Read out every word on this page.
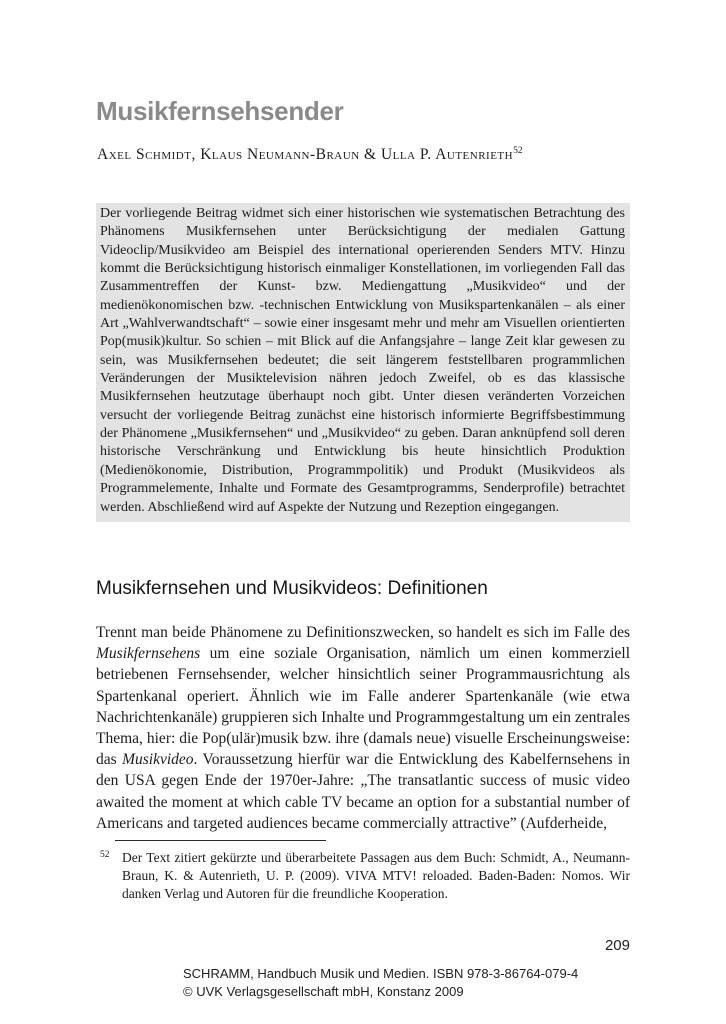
Musikfernsehsender
Axel Schmidt, Klaus Neumann-Braun & Ulla P. Autenrieth$^{52}$

Der vorliegende Beitrag widmet sich einer historischen wie systematischen Betrachtung des Phänomens Musikfernsehen unter Berücksichtigung der medialen Gattung Videoclip/Musikvideo am Beispiel des international operierenden Senders MTV. Hinzu kommt die Berücksichtigung historisch einmaliger Konstellationen, im vorliegenden Fall das Zusammentreffen der Kunst- bzw. Mediengattung „Musikvideo“ und der medienökonomischen bzw. -technischen Entwicklung von Musikspartenkanälen – als einer Art „Wahlverwandtschaft“ – sowie einer insgesamt mehr und mehr am Visuellen orientierten Pop(musik)kultur. So schien – mit Blick auf die Anfangsjahre – lange Zeit klar gewesen zu sein, was Musikfernsehen bedeutet; die seit längerem feststellbaren programmlichen Veränderungen der Musiktelevision nähren jedoch Zweifel, ob es das klassische Musikfernsehen heutzutage überhaupt noch gibt. Unter diesen veränderten Vorzeichen versucht der vorliegende Beitrag zunächst eine historisch informierte Begriffsbestimmung der Phänomene „Musikfernsehen“ und „Musikvideo“ zu geben. Daran anknüpfend soll deren historische Verschränkung und Entwicklung bis heute hinsichtlich Produktion (Medienökonomie, Distribution, Programmpolitik) und Produkt (Musikvideos als Programmelemente, Inhalte und Formate des Gesamtprogramms, Senderprofile) betrachtet werden. Abschließend wird auf Aspekte der Nutzung und Rezeption eingegangen.

Musikfernsehen und Musikvideos: Definitionen

Trennt man beide Phänomene zu Definitionszwecken, so handelt es sich im Falle des Musikfernsehens um eine soziale Organisation, nämlich um einen kommerziell betriebenen Fernsehsender, welcher hinsichtlich seiner Programmausrichtung als Spartenkanal operiert. Ähnlich wie im Falle anderer Spartenkanäle (wie etwa Nachrichtenkanäle) gruppieren sich Inhalte und Programmgestaltung um ein zentrales Thema, hier: die Pop(ulär)musik bzw. ihre (damals neue) visuelle Erscheinungsweise: das Musikvideo. Voraussetzung hierfür war die Entwicklung des Kabelfernsehens in den USA gegen Ende der 1970er-Jahre: „The transatlantic success of music video awaited the moment at which cable TV became an option for a substantial number of Americans and targeted audiences became commercially attractive” (Aufderheide,

52 Der Text zitiert gekürzte und überarbeitete Passagen aus dem Buch: Schmidt, A., Neumann-Braun, K. & Autenrieth, U. P. (2009). VIVA MTV! reloaded. Baden-Baden: Nomos. Wir danken Verlag und Autoren für die freundliche Kooperation.
209
SCHRAMM, Handbuch Musik und Medien. ISBN 978-3-86764-079-4
© UVK Verlagsgesellschaft mbH, Konstanz 2009
